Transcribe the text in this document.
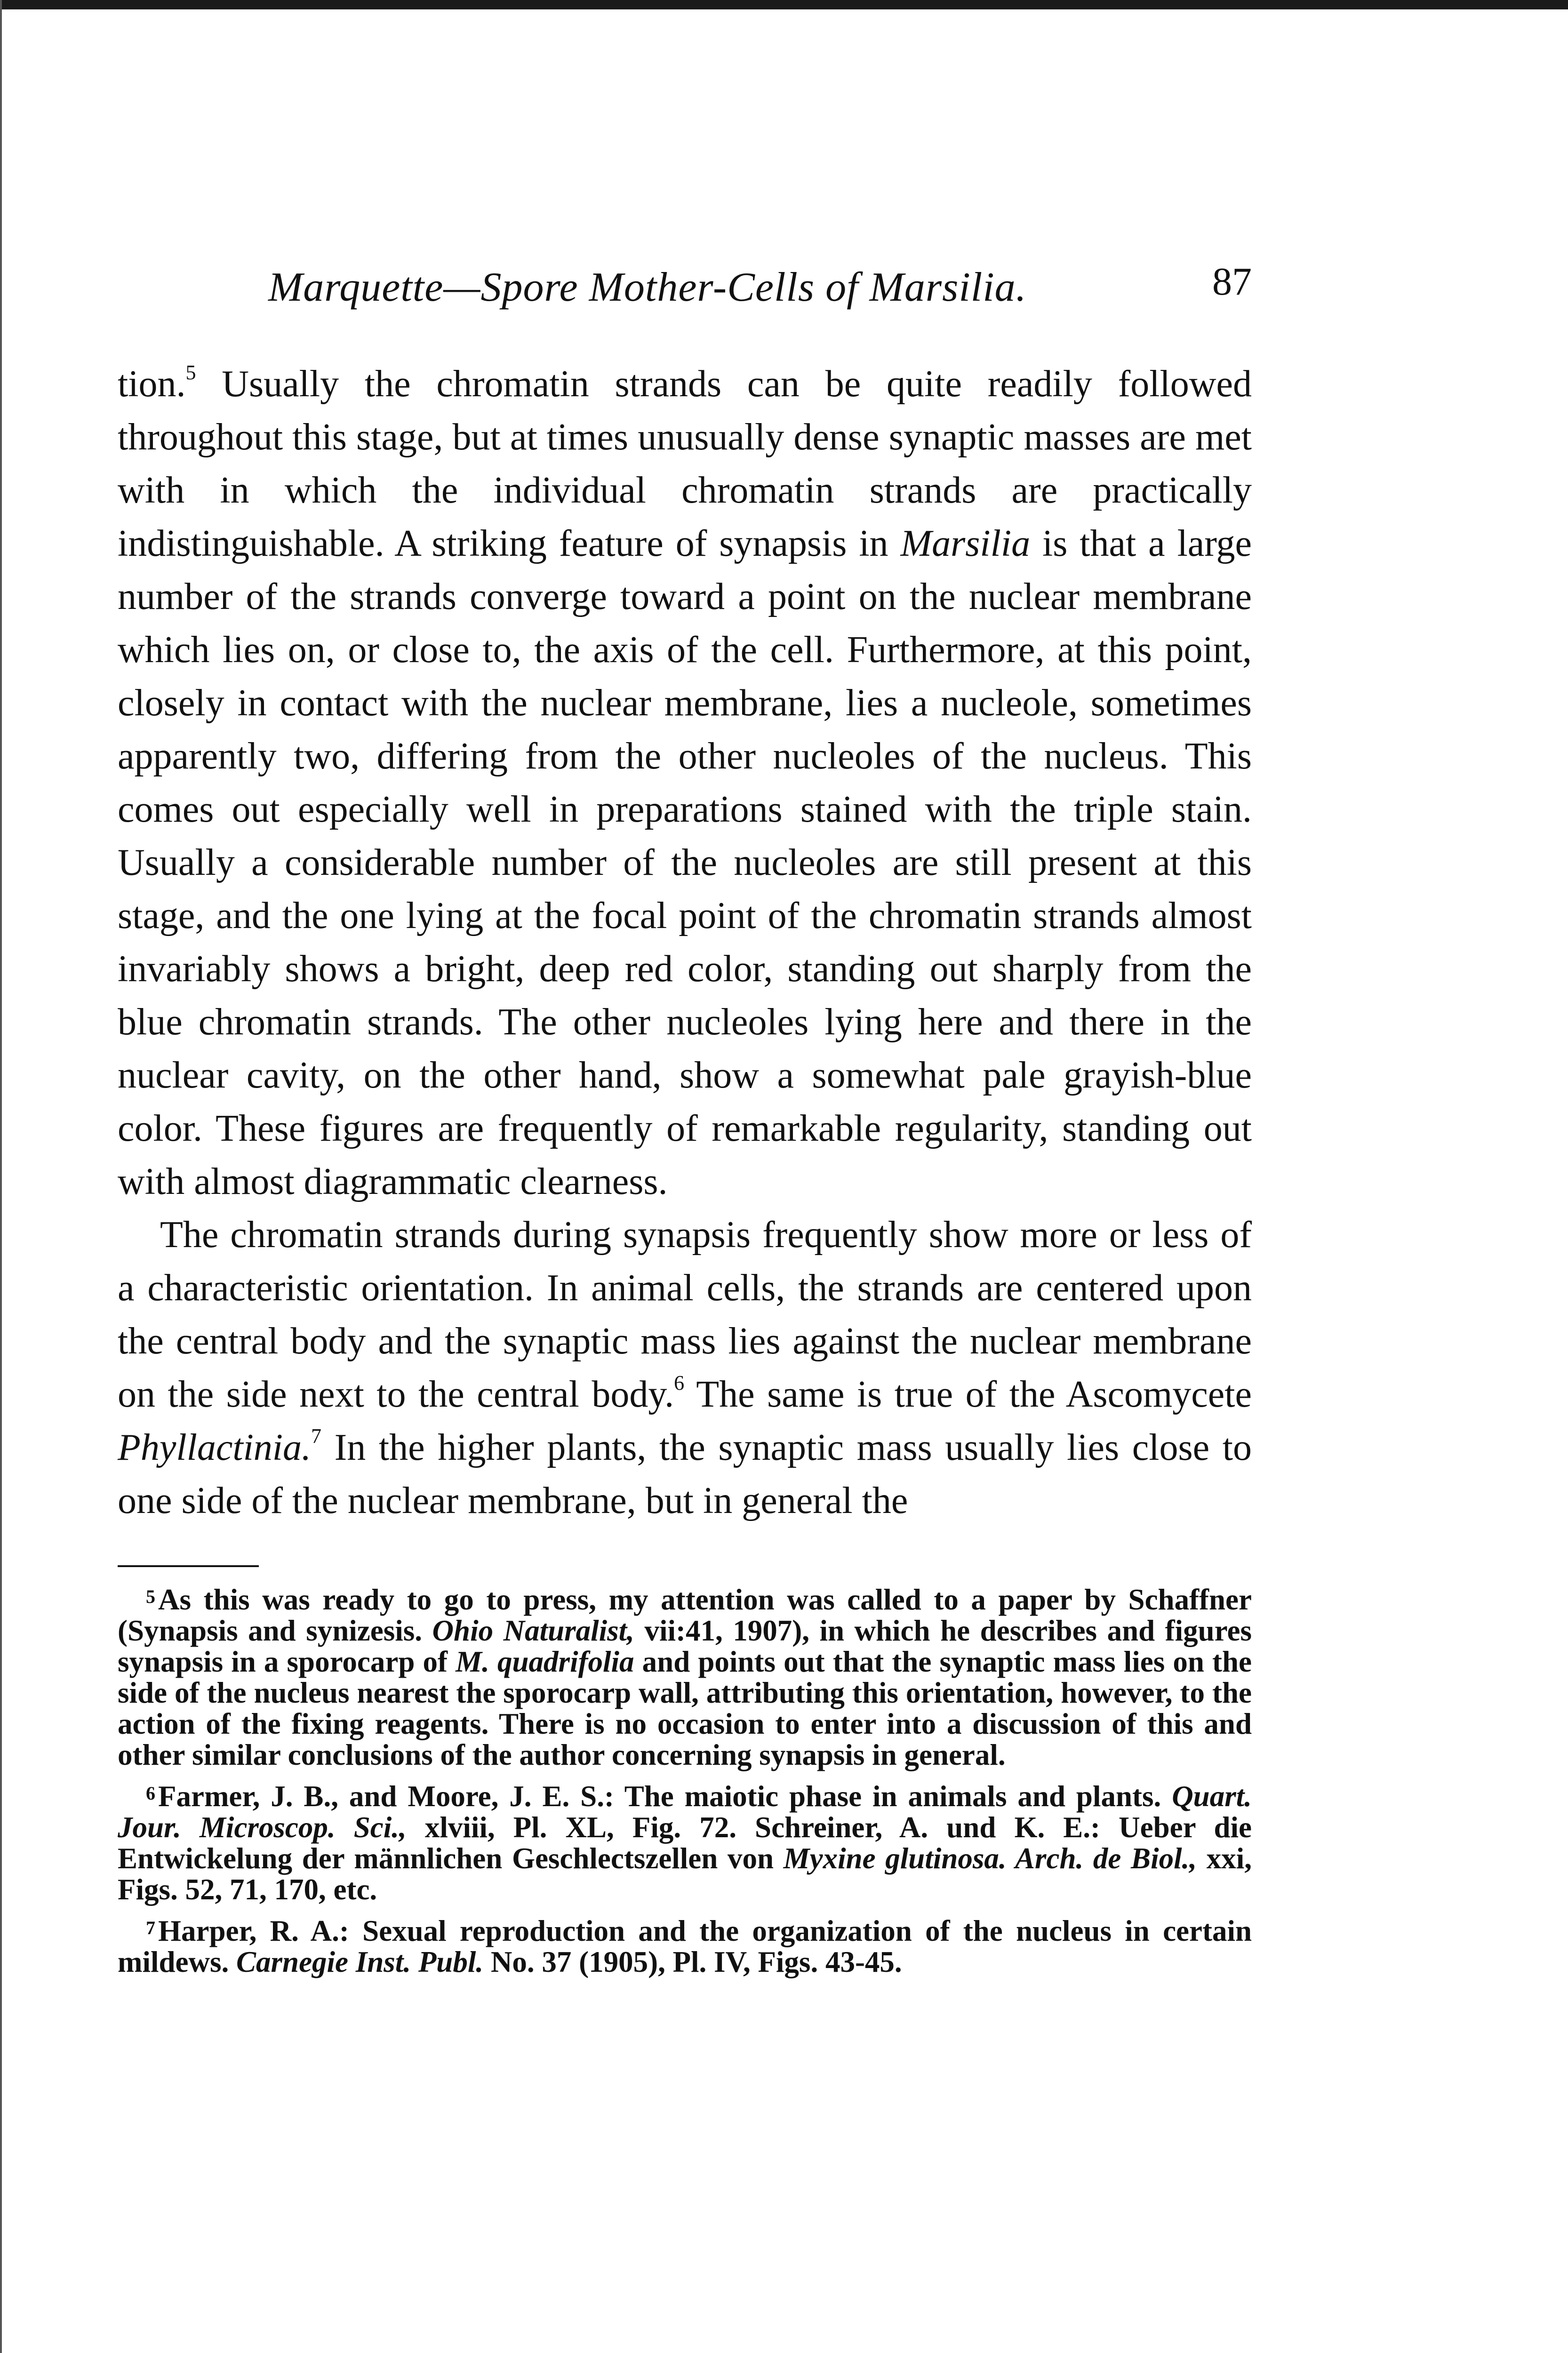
Marquette—Spore Mother-Cells of Marsilia.	87

tion.$^5$ Usually the chromatin strands can be quite readily followed throughout this stage, but at times unusually dense synaptic masses are met with in which the individual chromatin strands are practically indistinguishable. A striking feature of synapsis in Marsilia is that a large number of the strands converge toward a point on the nuclear membrane which lies on, or close to, the axis of the cell. Furthermore, at this point, closely in contact with the nuclear membrane, lies a nucleole, sometimes apparently two, differing from the other nucleoles of the nucleus. This comes out especially well in preparations stained with the triple stain. Usually a considerable number of the nucleoles are still present at this stage, and the one lying at the focal point of the chromatin strands almost invariably shows a bright, deep red color, standing out sharply from the blue chromatin strands. The other nucleoles lying here and there in the nuclear cavity, on the other hand, show a somewhat pale grayish-blue color. These figures are frequently of remarkable regularity, standing out with almost diagrammatic clearness.

The chromatin strands during synapsis frequently show more or less of a characteristic orientation. In animal cells, the strands are centered upon the central body and the synaptic mass lies against the nuclear membrane on the side next to the central body.$^6$ The same is true of the Ascomycete Phyllactinia.$^7$ In the higher plants, the synaptic mass usually lies close to one side of the nuclear membrane, but in general the

$^5$As this was ready to go to press, my attention was called to a paper by Schaffner (Synapsis and synizesis. Ohio Naturalist, vii:41, 1907), in which he describes and figures synapsis in a sporocarp of M. quadrifolia and points out that the synaptic mass lies on the side of the nucleus nearest the sporocarp wall, attributing this orientation, however, to the action of the fixing reagents. There is no occasion to enter into a discussion of this and other similar conclusions of the author concerning synapsis in general.

$^6$Farmer, J. B., and Moore, J. E. S.: The maiotic phase in animals and plants. Quart. Jour. Microscop. Sci., xlviii, Pl. XL, Fig. 72. Schreiner, A. und K. E.: Ueber die Entwickelung der männlichen Geschlectszellen von Myxine glutinosa. Arch. de Biol., xxi, Figs. 52, 71, 170, etc.

$^7$Harper, R. A.: Sexual reproduction and the organization of the nucleus in certain mildews. Carnegie Inst. Publ. No. 37 (1905), Pl. IV, Figs. 43-45.
